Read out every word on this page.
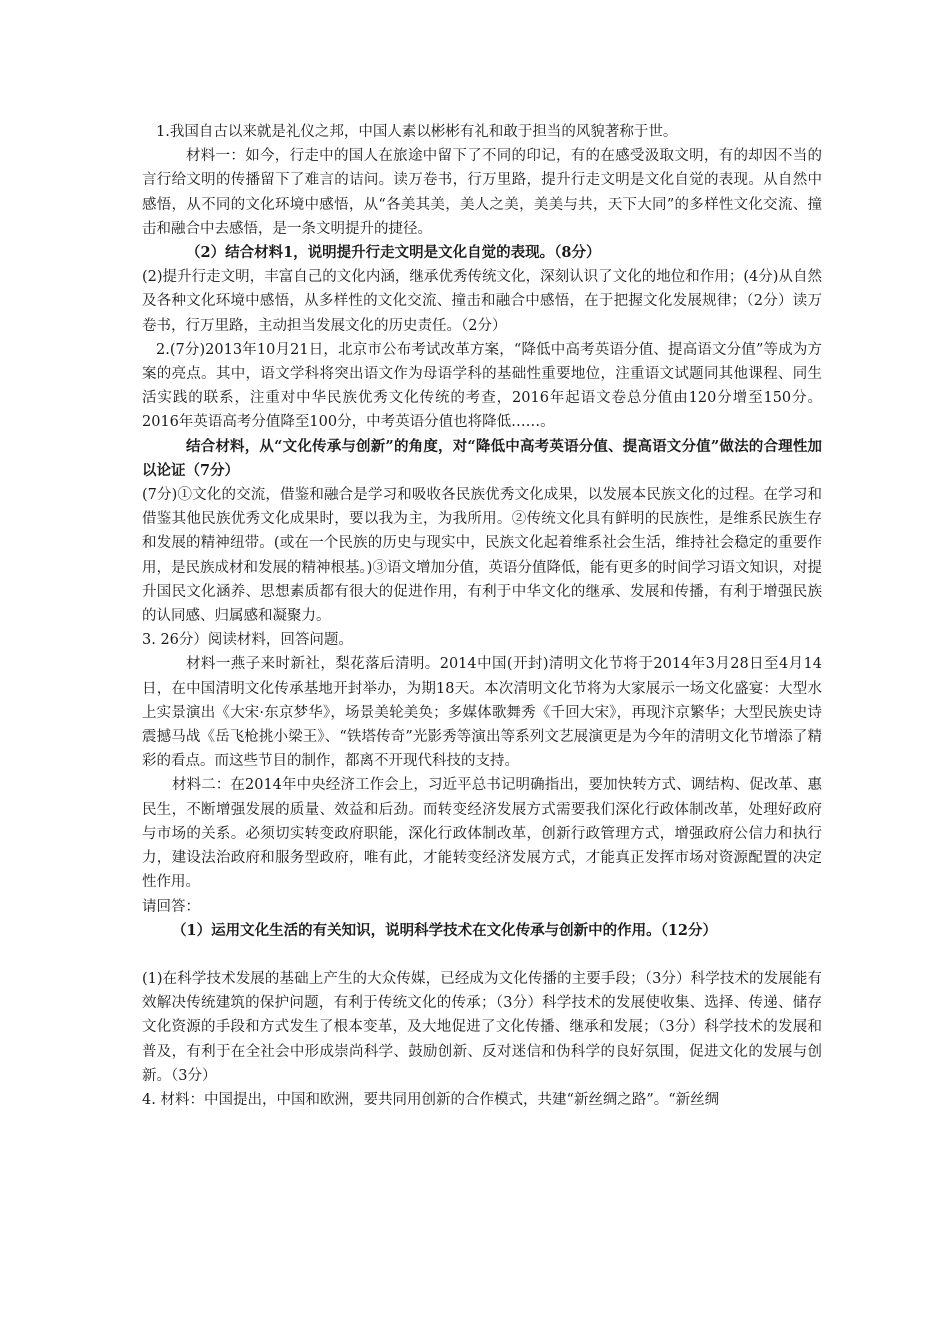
1.我国自古以来就是礼仪之邦，中国人素以彬彬有礼和敢于担当的风貌著称于世。

材料一：如今，行走中的国人在旅途中留下了不同的印记，有的在感受汲取文明，有的却因不当的言行给文明的传播留下了难言的诘问。读万卷书，行万里路，提升行走文明是文化自觉的表现。从自然中感悟，从不同的文化环境中感悟，从“各美其美，美人之美，美美与共，天下大同”的多样性文化交流、撞击和融合中去感悟，是一条文明提升的捷径。

（2）结合材料1，说明提升行走文明是文化自觉的表现。（8分）

(2)提升行走文明，丰富自己的文化内涵，继承优秀传统文化，深刻认识了文化的地位和作用；(4分)从自然及各种文化环境中感悟，从多样性的文化交流、撞击和融合中感悟，在于把握文化发展规律；（2分）读万卷书，行万里路，主动担当发展文化的历史责任。（2分）

2.(7分)2013年10月21日，北京市公布考试改革方案，“降低中高考英语分值、提高语文分值”等成为方案的亮点。其中，语文学科将突出语文作为母语学科的基础性重要地位，注重语文试题同其他课程、同生活实践的联系，注重对中华民族优秀文化传统的考查，2016年起语文卷总分值由120分增至150分。2016年英语高考分值降至100分，中考英语分值也将降低……。

结合材料，从“文化传承与创新”的角度，对“降低中高考英语分值、提高语文分值”做法的合理性加以论证（7分）

(7分)①文化的交流，借鉴和融合是学习和吸收各民族优秀文化成果，以发展本民族文化的过程。在学习和借鉴其他民族优秀文化成果时，要以我为主，为我所用。②传统文化具有鲜明的民族性，是维系民族生存和发展的精神纽带。(或在一个民族的历史与现实中，民族文化起着维系社会生活，维持社会稳定的重要作用，是民族成材和发展的精神根基。)③语文增加分值，英语分值降低，能有更多的时间学习语文知识，对提升国民文化涵养、思想素质都有很大的促进作用，有利于中华文化的继承、发展和传播，有利于增强民族的认同感、归属感和凝聚力。

3. 26分）阅读材料，回答问题。

材料一燕子来时新社，梨花落后清明。2014中国(开封)清明文化节将于2014年3月28日至4月14日，在中国清明文化传承基地开封举办，为期18天。本次清明文化节将为大家展示一场文化盛宴：大型水上实景演出《大宋·东京梦华》，场景美轮美奂；多媒体歌舞秀《千回大宋》，再现汴京繁华；大型民族史诗震撼马战《岳飞枪挑小梁王》、“铁塔传奇”光影秀等演出等系列文艺展演更是为今年的清明文化节增添了精彩的看点。而这些节目的制作，都离不开现代科技的支持。

材料二：在2014年中央经济工作会上，习近平总书记明确指出，要加快转方式、调结构、促改革、惠民生，不断增强发展的质量、效益和后劲。而转变经济发展方式需要我们深化行政体制改革，处理好政府与市场的关系。必须切实转变政府职能，深化行政体制改革，创新行政管理方式，增强政府公信力和执行力，建设法治政府和服务型政府，唯有此，才能转变经济发展方式，才能真正发挥市场对资源配置的决定性作用。

请回答：

（1）运用文化生活的有关知识，说明科学技术在文化传承与创新中的作用。（12分）

(1)在科学技术发展的基础上产生的大众传媒，已经成为文化传播的主要手段；（3分）科学技术的发展能有效解决传统建筑的保护问题，有利于传统文化的传承；（3分）科学技术的发展使收集、选择、传递、储存文化资源的手段和方式发生了根本变革，及大地促进了文化传播、继承和发展；（3分）科学技术的发展和普及，有利于在全社会中形成崇尚科学、鼓励创新、反对迷信和伪科学的良好氛围，促进文化的发展与创新。（3分）

4. 材料：中国提出，中国和欧洲，要共同用创新的合作模式，共建“新丝绸之路”。“新丝绸
